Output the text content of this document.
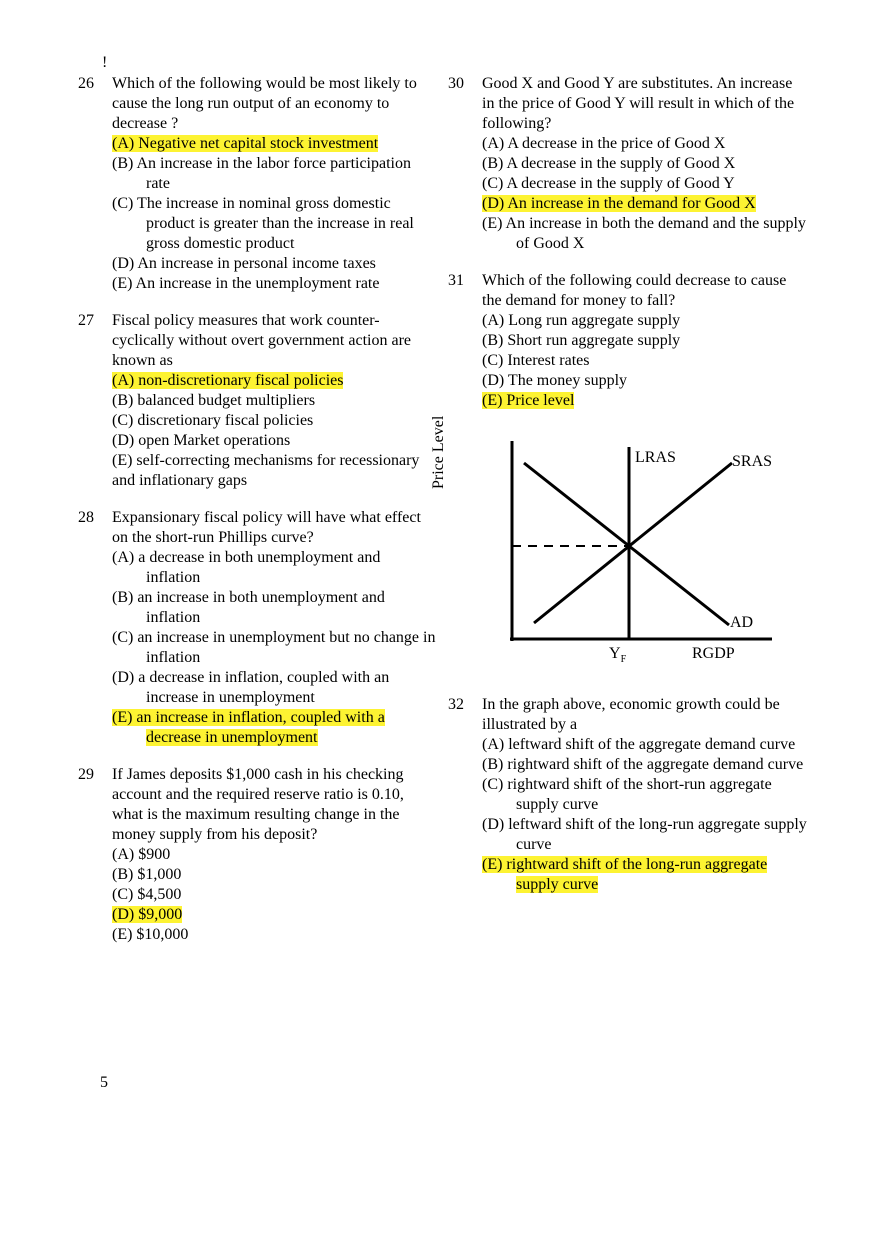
!
26 Which of the following would be most likely to cause the long run output of an economy to decrease ?
(A) Negative net capital stock investment
(B) An increase in the labor force participation rate
(C) The increase in nominal gross domestic product is greater than the increase in real gross domestic product
(D) An increase in personal income taxes
(E) An increase in the unemployment rate
27 Fiscal policy measures that work counter-cyclically without overt government action are known as
(A) non-discretionary fiscal policies
(B) balanced budget multipliers
(C) discretionary fiscal policies
(D) open Market operations
(E) self-correcting mechanisms for recessionary and inflationary gaps
28 Expansionary fiscal policy will have what effect on the short-run Phillips curve?
(A) a decrease in both unemployment and inflation
(B) an increase in both unemployment and inflation
(C) an increase in unemployment but no change in inflation
(D) a decrease in inflation, coupled with an increase in unemployment
(E) an increase in inflation, coupled with a decrease in unemployment
29 If James deposits $1,000 cash in his checking account and the required reserve ratio is 0.10, what is the maximum resulting change in the money supply from his deposit?
(A) $900
(B) $1,000
(C) $4,500
(D) $9,000
(E) $10,000
30 Good X and Good Y are substitutes. An increase in the price of Good Y will result in which of the following?
(A) A decrease in the price of Good X
(B) A decrease in the supply of Good X
(C) A decrease in the supply of Good Y
(D) An increase in the demand for Good X
(E) An increase in both the demand and the supply of Good X
31 Which of the following could decrease to cause the demand for money to fall?
(A) Long run aggregate supply
(B) Short run aggregate supply
(C) Interest rates
(D) The money supply
(E) Price level
Price Level	LRAS	SRAS
AD
$Y_F$	RGDP
32 In the graph above, economic growth could be illustrated by a
(A) leftward shift of the aggregate demand curve
(B) rightward shift of the aggregate demand curve
(C) rightward shift of the short-run aggregate supply curve
(D) leftward shift of the long-run aggregate supply curve
(E) rightward shift of the long-run aggregate supply curve
5
